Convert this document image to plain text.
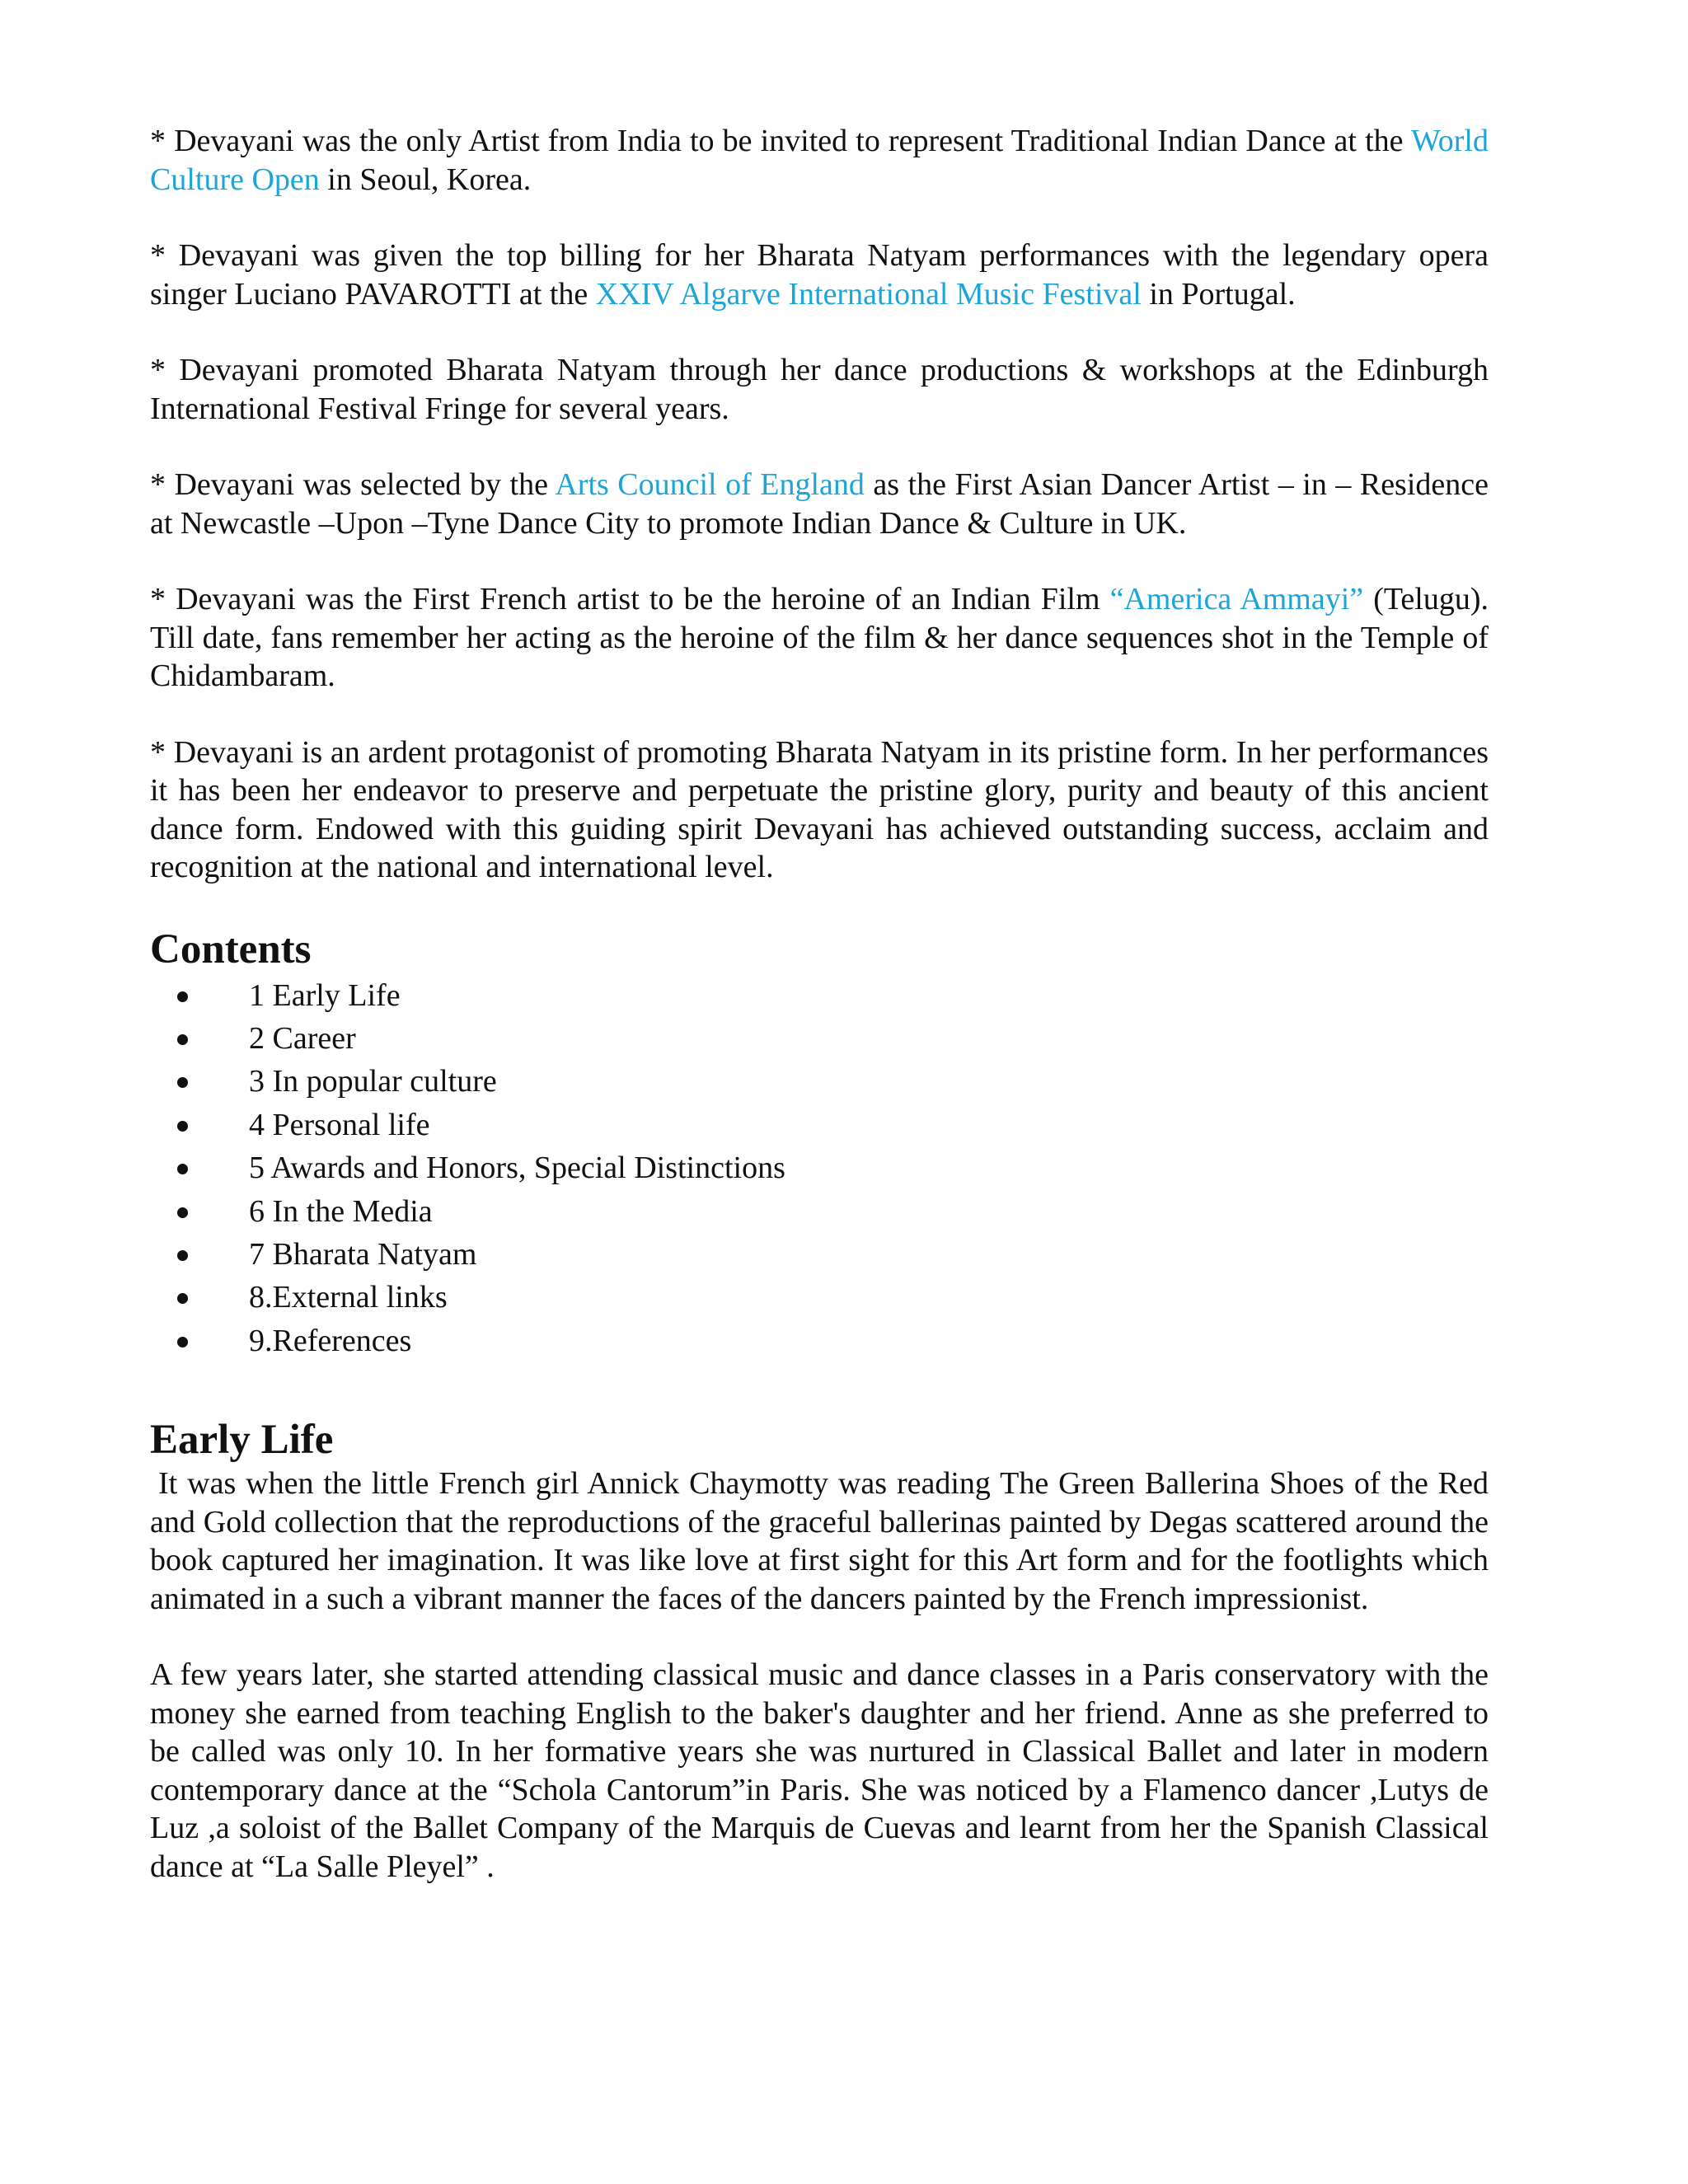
* Devayani was the only Artist from India to be invited to represent Traditional Indian Dance at the World Culture Open in Seoul, Korea.

* Devayani was given the top billing for her Bharata Natyam performances with the legendary opera singer Luciano PAVAROTTI at the XXIV Algarve International Music Festival in Portugal.

* Devayani promoted Bharata Natyam through her dance productions & workshops at the Edinburgh International Festival Fringe for several years.

* Devayani was selected by the Arts Council of England as the First Asian Dancer Artist – in – Residence at Newcastle –Upon –Tyne Dance City to promote Indian Dance & Culture in UK.

* Devayani was the First French artist to be the heroine of an Indian Film “America Ammayi” (Telugu). Till date, fans remember her acting as the heroine of the film & her dance sequences shot in the Temple of Chidambaram.

* Devayani is an ardent protagonist of promoting Bharata Natyam in its pristine form. In her performances it has been her endeavor to preserve and perpetuate the pristine glory, purity and beauty of this ancient dance form. Endowed with this guiding spirit Devayani has achieved outstanding success, acclaim and recognition at the national and international level.

Contents
1 Early Life
2 Career
3 In popular culture
4 Personal life
5 Awards and Honors, Special Distinctions
6 In the Media
7 Bharata Natyam
8.External links
9.References
Early Life

It was when the little French girl Annick Chaymotty was reading The Green Ballerina Shoes of the Red and Gold collection that the reproductions of the graceful ballerinas painted by Degas scattered around the book captured her imagination. It was like love at first sight for this Art form and for the footlights which animated in a such a vibrant manner the faces of the dancers painted by the French impressionist.

A few years later, she started attending classical music and dance classes in a Paris conservatory with the money she earned from teaching English to the baker's daughter and her friend. Anne as she preferred to be called was only 10. In her formative years she was nurtured in Classical Ballet and later in modern contemporary dance at the “Schola Cantorum”in Paris. She was noticed by a Flamenco dancer ,Lutys de Luz ,a soloist of the Ballet Company of the Marquis de Cuevas and learnt from her the Spanish Classical dance at “La Salle Pleyel” .
